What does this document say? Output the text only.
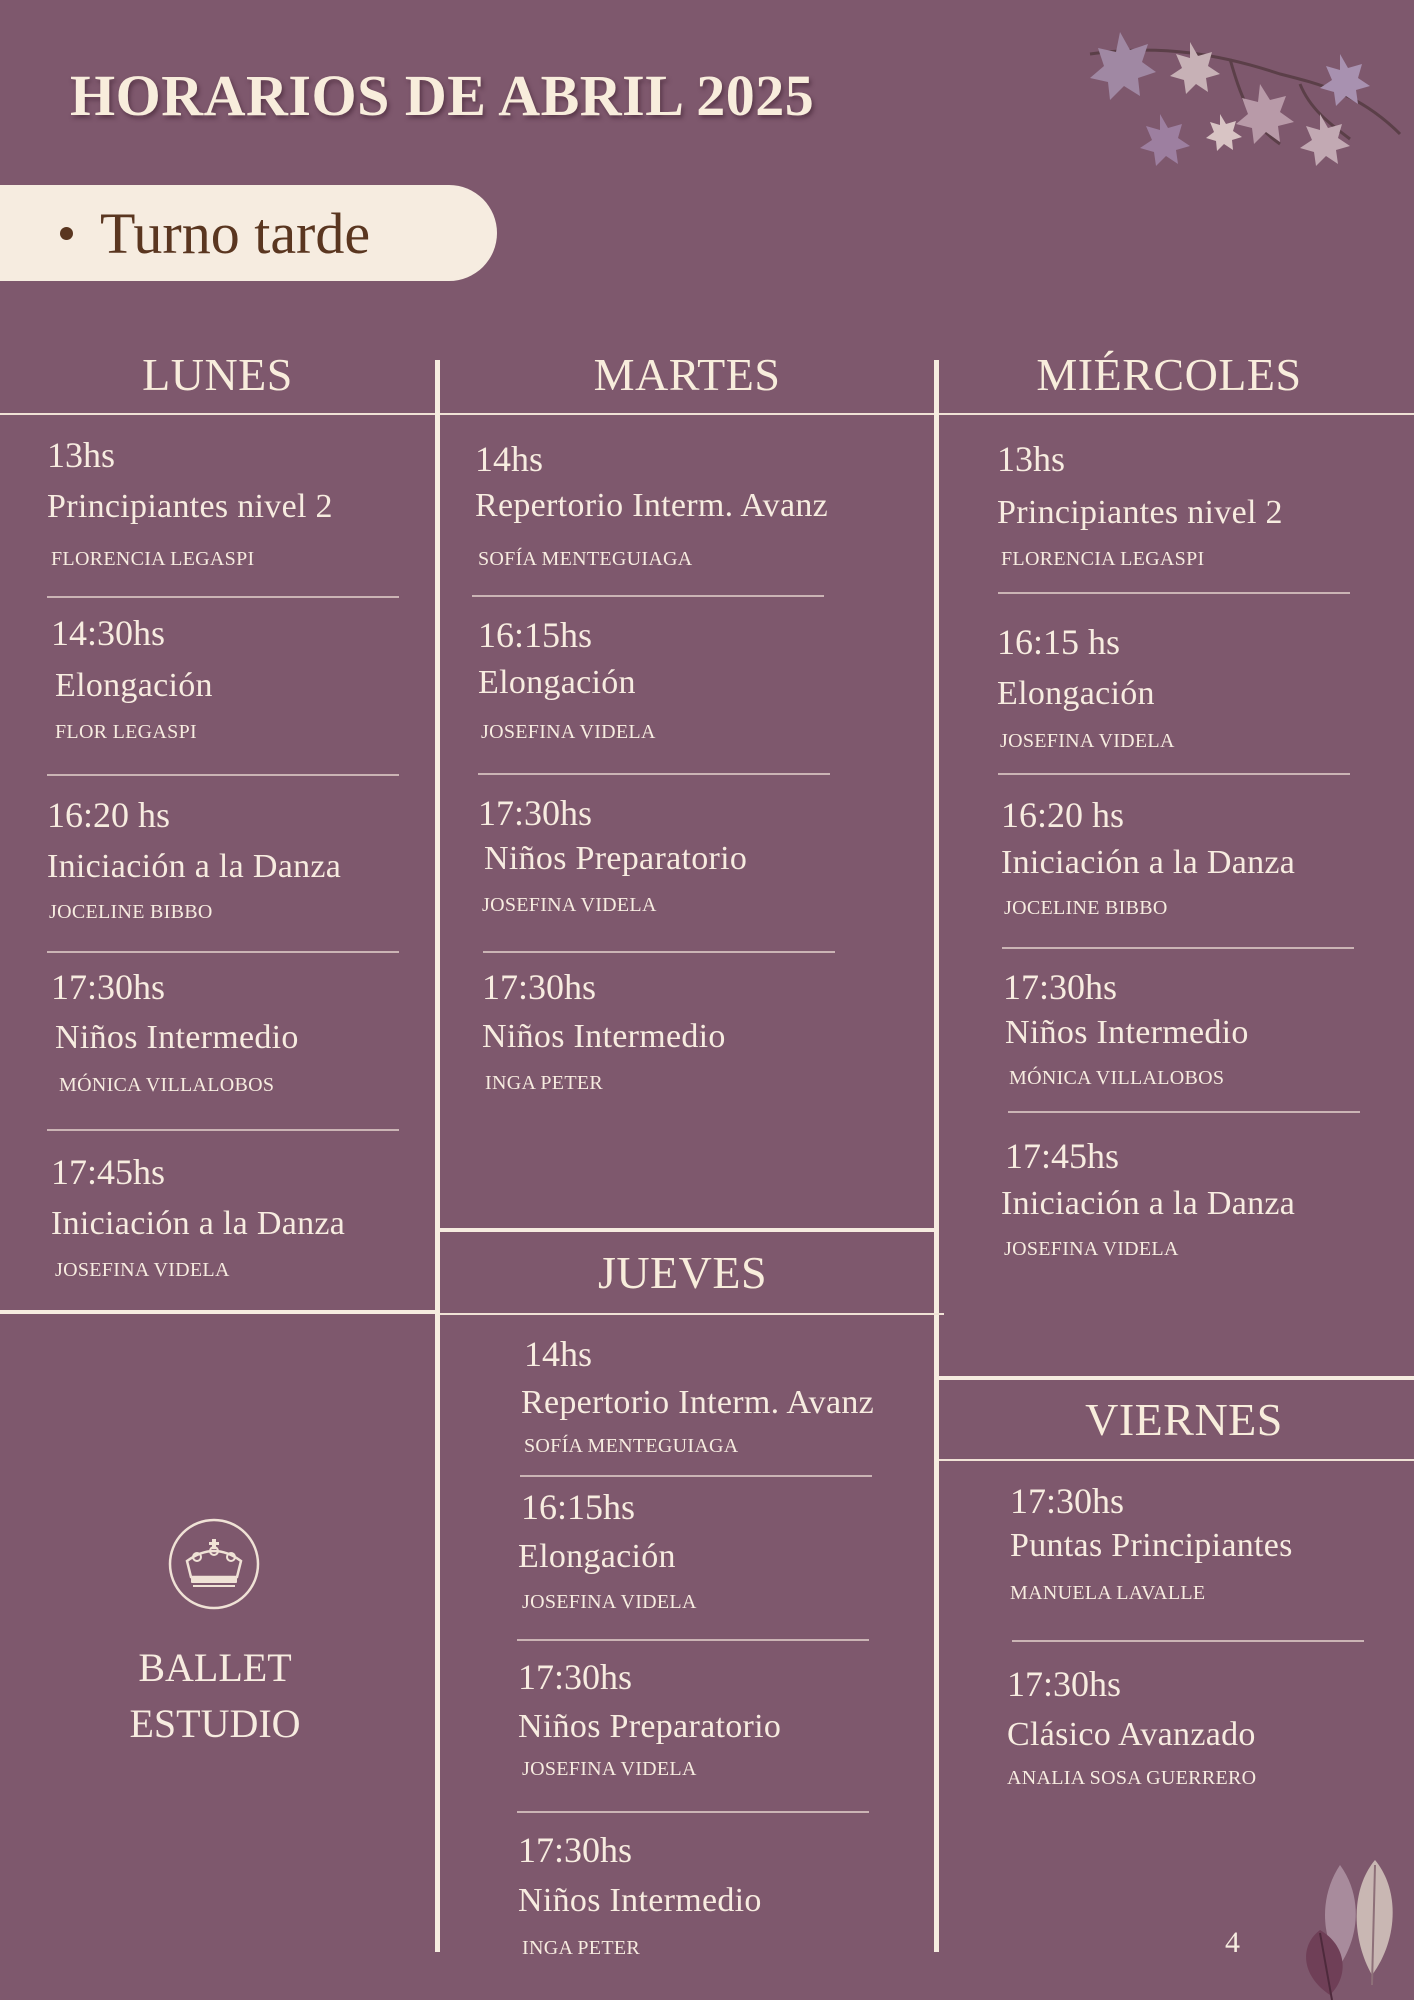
HORARIOS DE ABRIL 2025
Turno tarde
LUNES	MARTES	MIÉRCOLES
JUEVES
VIERNES
13hs
Principiantes nivel 2
FLORENCIA LEGASPI
14:30hs
Elongación
FLOR LEGASPI
16:20 hs
Iniciación a la Danza
JOCELINE BIBBO
17:30hs
Niños Intermedio
MÓNICA VILLALOBOS
17:45hs
Iniciación a la Danza
JOSEFINA VIDELA
14hs
Repertorio Interm. Avanz
SOFÍA MENTEGUIAGA
16:15hs
Elongación
JOSEFINA VIDELA
17:30hs
Niños Preparatorio
JOSEFINA VIDELA
17:30hs
Niños Intermedio
INGA PETER
13hs
Principiantes nivel 2
FLORENCIA LEGASPI
16:15 hs
Elongación
JOSEFINA VIDELA
16:20 hs
Iniciación a la Danza
JOCELINE BIBBO
17:30hs
Niños Intermedio
MÓNICA VILLALOBOS
17:45hs
Iniciación a la Danza
JOSEFINA VIDELA
14hs
Repertorio Interm. Avanz
SOFÍA MENTEGUIAGA
16:15hs
Elongación
JOSEFINA VIDELA
17:30hs
Niños Preparatorio
JOSEFINA VIDELA
17:30hs
Niños Intermedio
INGA PETER
17:30hs
Puntas Principiantes
MANUELA LAVALLE
17:30hs
Clásico Avanzado
ANALIA SOSA GUERRERO
BALLET
ESTUDIO
4
